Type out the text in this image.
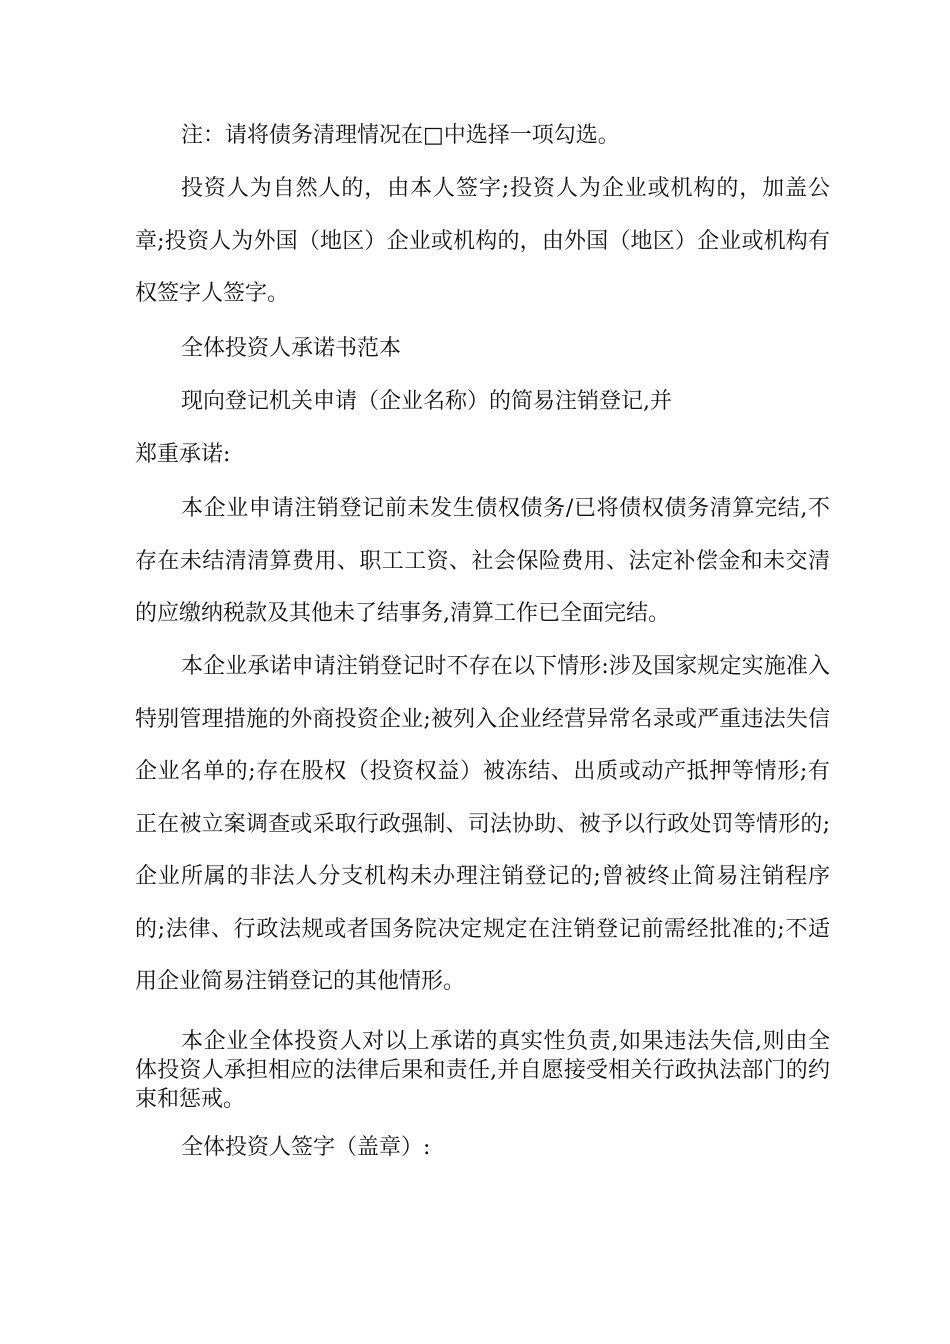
注：请将债务清理情况在□中选择一项勾选。

投资人为自然人的，由本人签字;投资人为企业或机构的，加盖公章;投资人为外国（地区）企业或机构的，由外国（地区）企业或机构有权签字人签字。

全体投资人承诺书范本

现向登记机关申请（企业名称）的简易注销登记,并

郑重承诺:

本企业申请注销登记前未发生债权债务/已将债权债务清算完结,不存在未结清清算费用、职工工资、社会保险费用、法定补偿金和未交清的应缴纳税款及其他未了结事务,清算工作已全面完结。

本企业承诺申请注销登记时不存在以下情形:涉及国家规定实施准入特别管理措施的外商投资企业;被列入企业经营异常名录或严重违法失信企业名单的;存在股权（投资权益）被冻结、出质或动产抵押等情形;有正在被立案调查或采取行政强制、司法协助、被予以行政处罚等情形的;企业所属的非法人分支机构未办理注销登记的;曾被终止简易注销程序的;法律、行政法规或者国务院决定规定在注销登记前需经批准的;不适用企业简易注销登记的其他情形。

本企业全体投资人对以上承诺的真实性负责,如果违法失信,则由全体投资人承担相应的法律后果和责任,并自愿接受相关行政执法部门的约束和惩戒。

全体投资人签字（盖章）:
